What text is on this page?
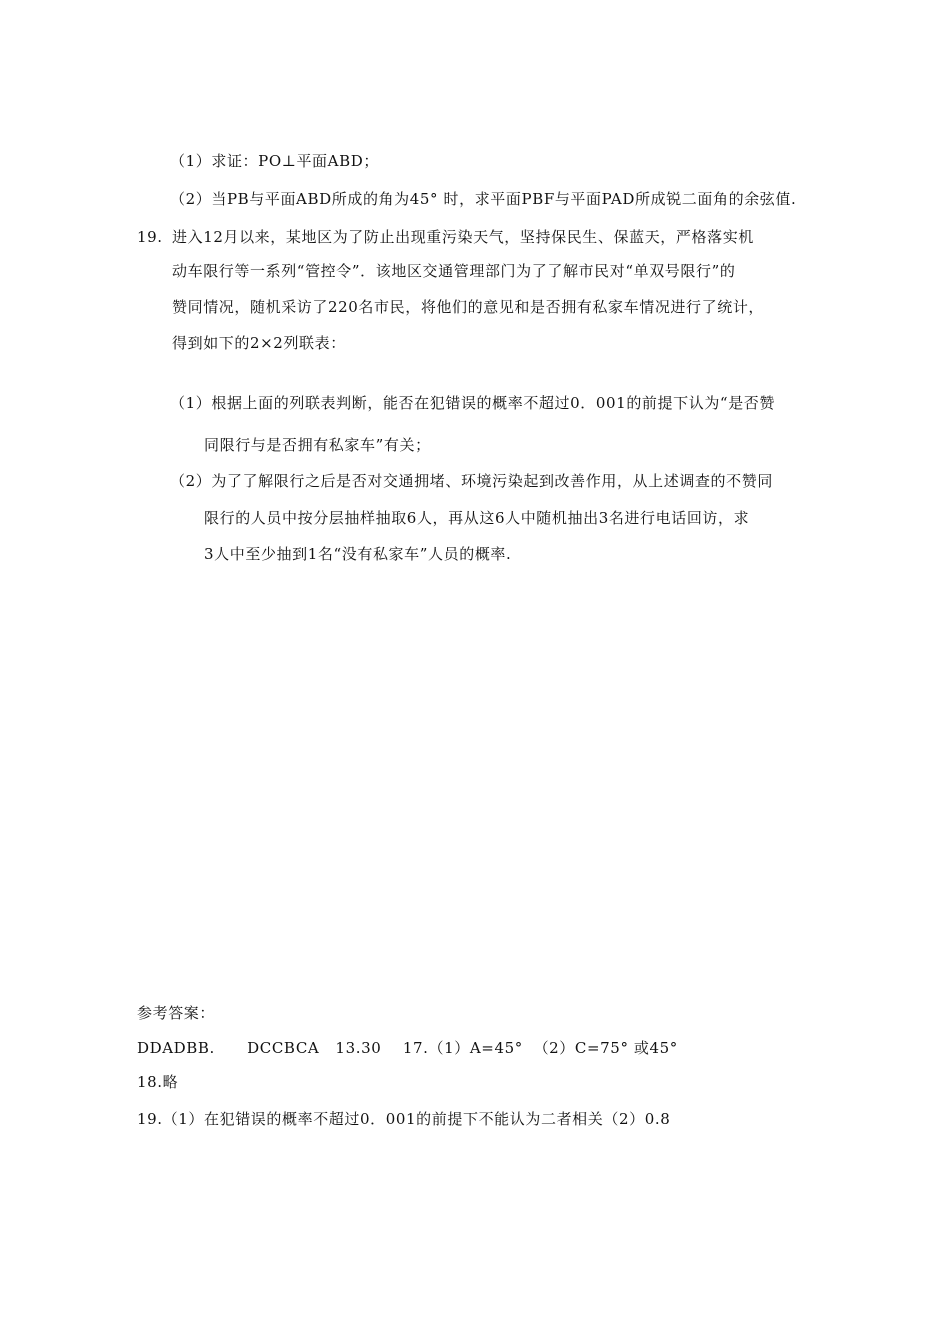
（1）求证：PO⊥平面ABD；
（2）当PB与平面ABD所成的角为45° 时，求平面PBF与平面PAD所成锐二面角的余弦值.
19. 进入12月以来，某地区为了防止出现重污染天气，坚持保民生、保蓝天，严格落实机
动车限行等一系列“管控令”．该地区交通管理部门为了了解市民对“单双号限行”的
赞同情况，随机采访了220名市民，将他们的意见和是否拥有私家车情况进行了统计，
得到如下的2×2列联表：
（1）根据上面的列联表判断，能否在犯错误的概率不超过0．001的前提下认为“是否赞
同限行与是否拥有私家车”有关；
（2）为了了解限行之后是否对交通拥堵、环境污染起到改善作用，从上述调查的不赞同
限行的人员中按分层抽样抽取6人，再从这6人中随机抽出3名进行电话回访，求
3人中至少抽到1名“没有私家车”人员的概率.
参考答案：
DDADBB.      DCCBCA   13.30    17.（1）A=45°  （2）C=75° 或45°
18.略
19.（1）在犯错误的概率不超过0．001的前提下不能认为二者相关（2）0.8
